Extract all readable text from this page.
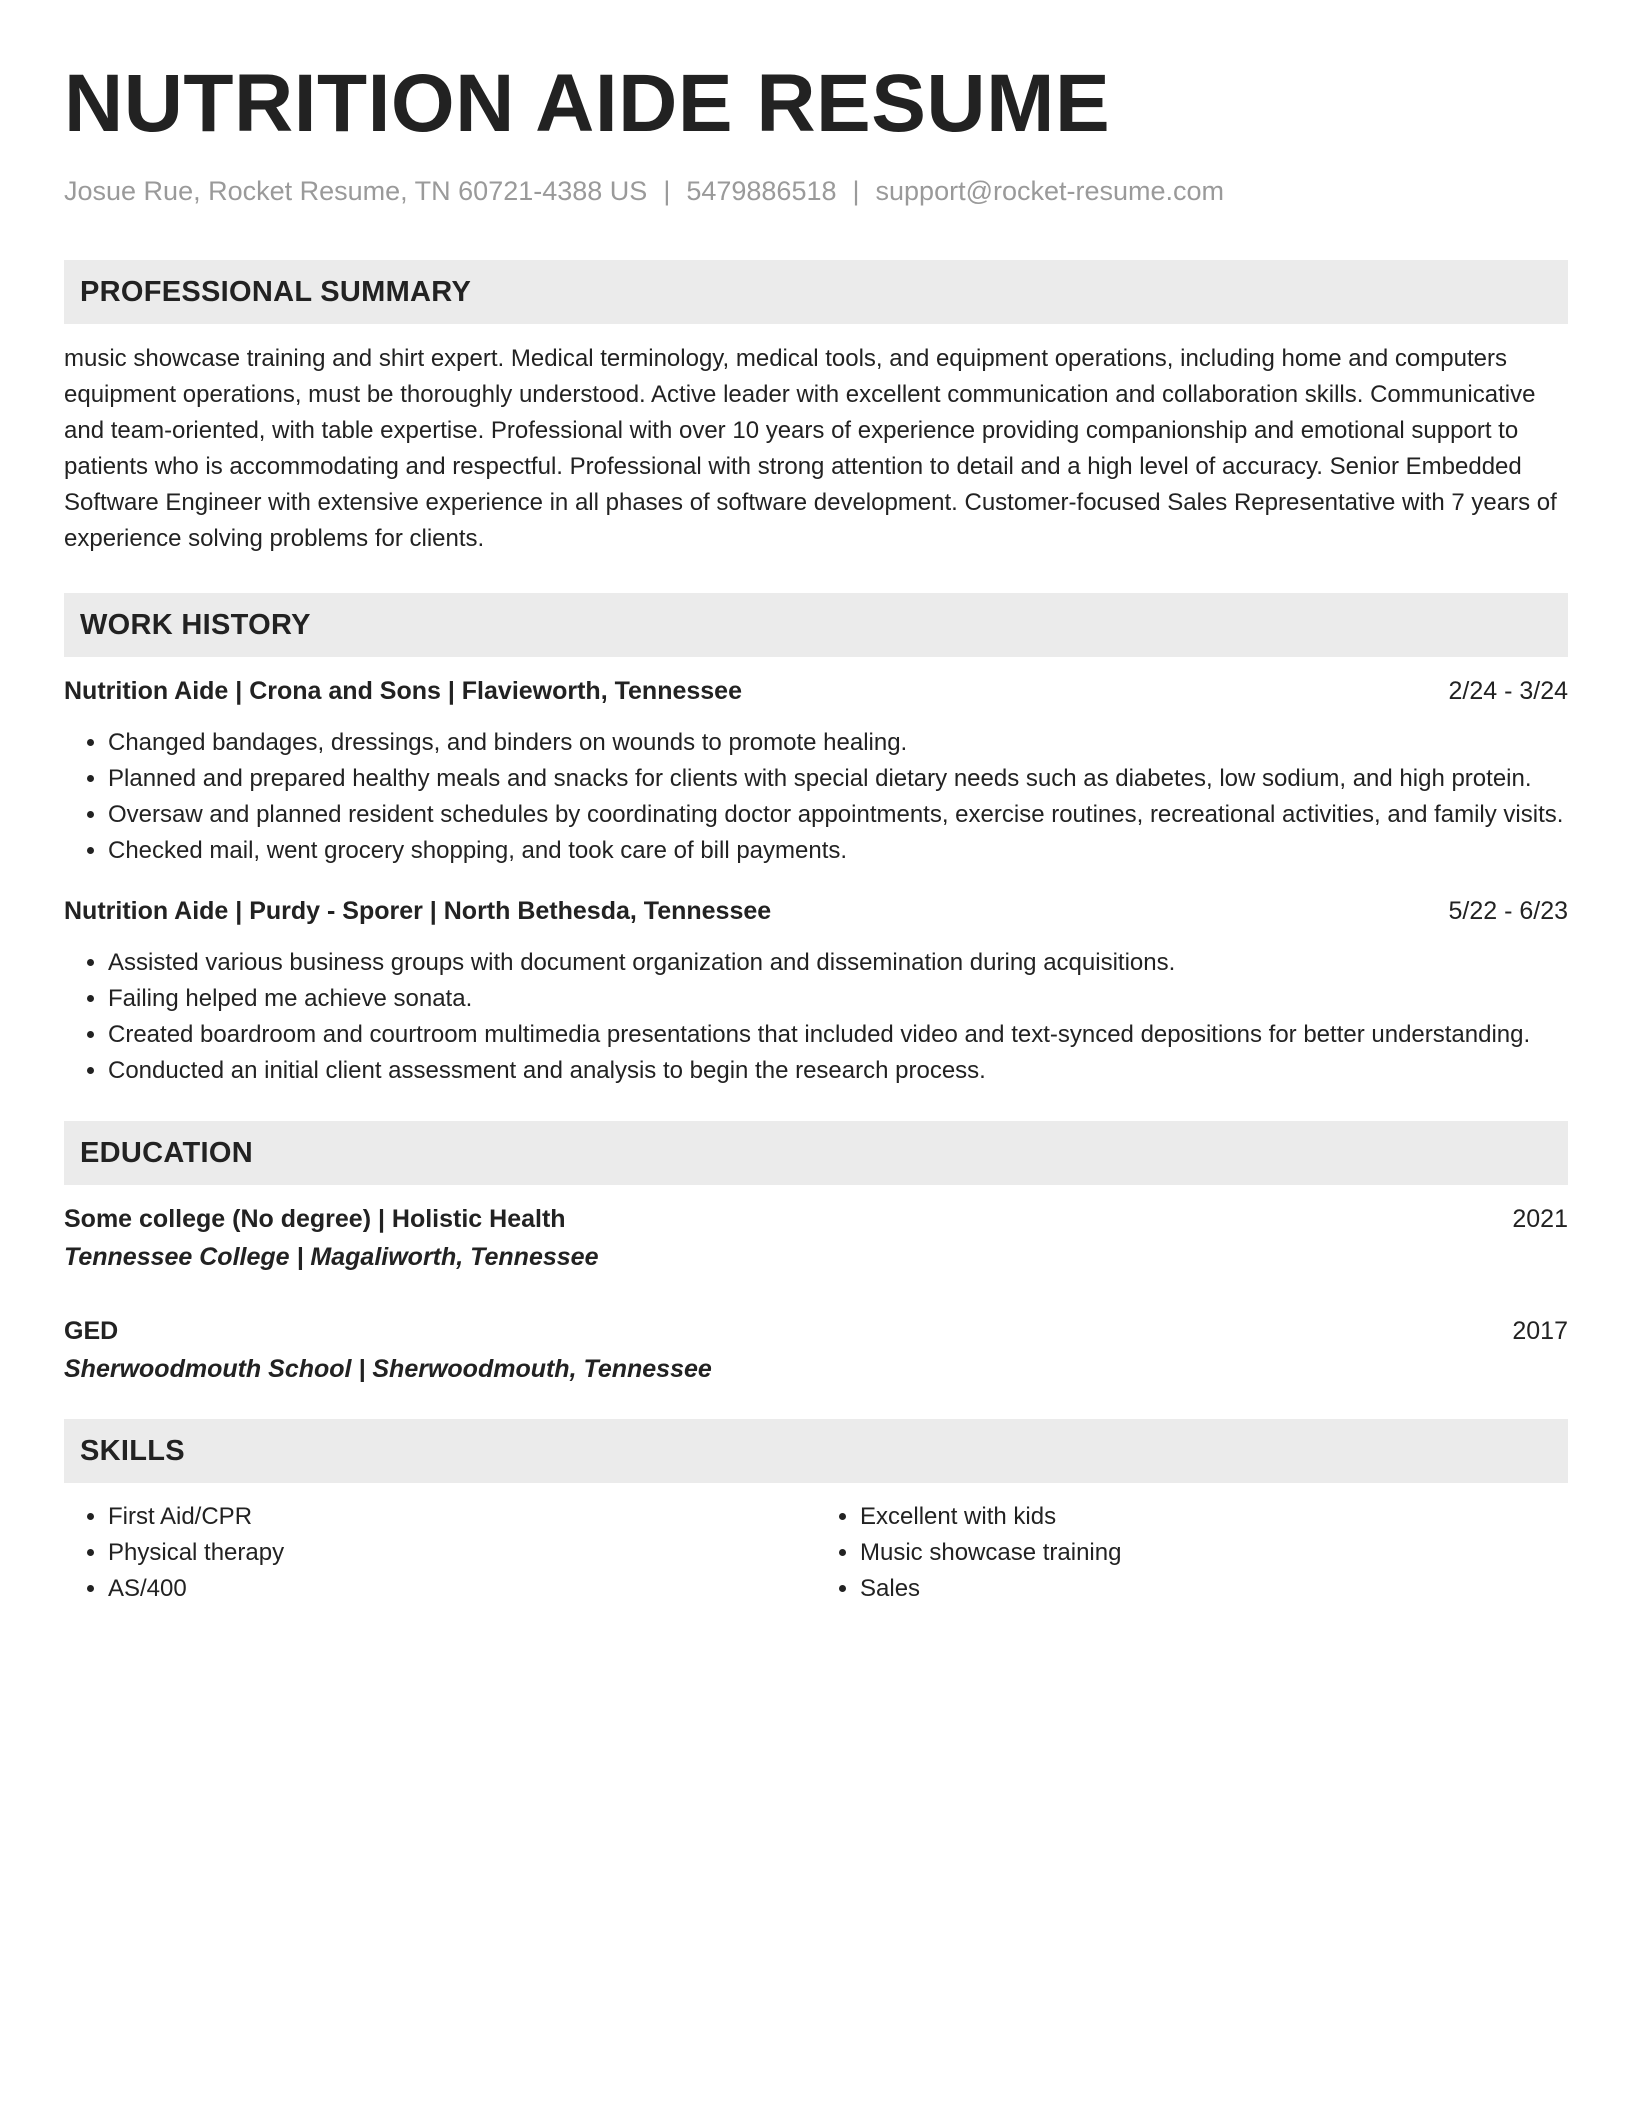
NUTRITION AIDE RESUME
Josue Rue, Rocket Resume, TN 60721-4388 US | 5479886518 | support@rocket-resume.com
PROFESSIONAL SUMMARY

music showcase training and shirt expert. Medical terminology, medical tools, and equipment operations, including home and computers equipment operations, must be thoroughly understood. Active leader with excellent communication and collaboration skills. Communicative and team-oriented, with table expertise. Professional with over 10 years of experience providing companionship and emotional support to patients who is accommodating and respectful. Professional with strong attention to detail and a high level of accuracy. Senior Embedded Software Engineer with extensive experience in all phases of software development. Customer-focused Sales Representative with 7 years of experience solving problems for clients.

WORK HISTORY
Nutrition Aide | Crona and Sons | Flavieworth, Tennessee	2/24 - 3/24
• Changed bandages, dressings, and binders on wounds to promote healing.
• Planned and prepared healthy meals and snacks for clients with special dietary needs such as diabetes, low sodium, and high protein.
• Oversaw and planned resident schedules by coordinating doctor appointments, exercise routines, recreational activities, and family visits.
• Checked mail, went grocery shopping, and took care of bill payments.
Nutrition Aide | Purdy - Sporer | North Bethesda, Tennessee	5/22 - 6/23
• Assisted various business groups with document organization and dissemination during acquisitions.
• Failing helped me achieve sonata.
• Created boardroom and courtroom multimedia presentations that included video and text-synced depositions for better understanding.
• Conducted an initial client assessment and analysis to begin the research process.
EDUCATION
Some college (No degree) | Holistic Health	2021
Tennessee College | Magaliworth, Tennessee
GED	2017
Sherwoodmouth School | Sherwoodmouth, Tennessee
SKILLS
• First Aid/CPR
• Physical therapy
• AS/400
• Excellent with kids
• Music showcase training
• Sales
